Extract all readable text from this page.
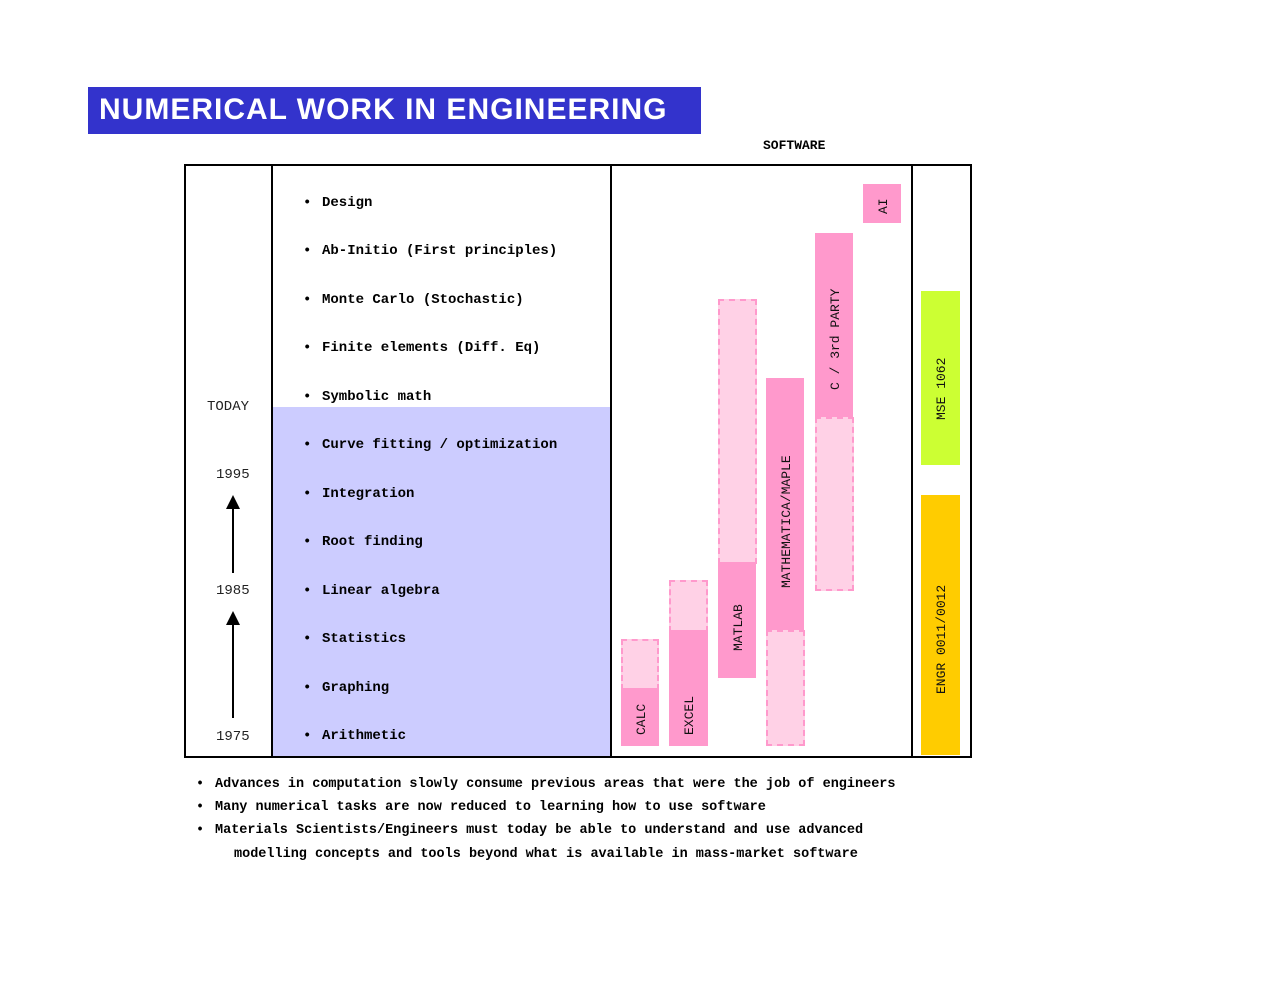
NUMERICAL WORK IN ENGINEERING
SOFTWARE
TODAY
1995
1985
1975
• Design
• Ab-Initio (First principles)
• Monte Carlo (Stochastic)
• Finite elements (Diff. Eq)
• Symbolic math
• Curve fitting / optimization
• Integration
• Root finding
• Linear algebra
• Statistics
• Graphing
• Arithmetic
CALC	EXCEL
MATLAB
MATHEMATICA/MAPLE
C / 3rd PARTY
AI
MSE 1062
ENGR 0011/0012
• Advances in computation slowly consume previous areas that were the job of engineers
• Many numerical tasks are now reduced to learning how to use software
• Materials Scientists/Engineers must today be able to understand and use advanced
modelling concepts and tools beyond what is available in mass-market software
